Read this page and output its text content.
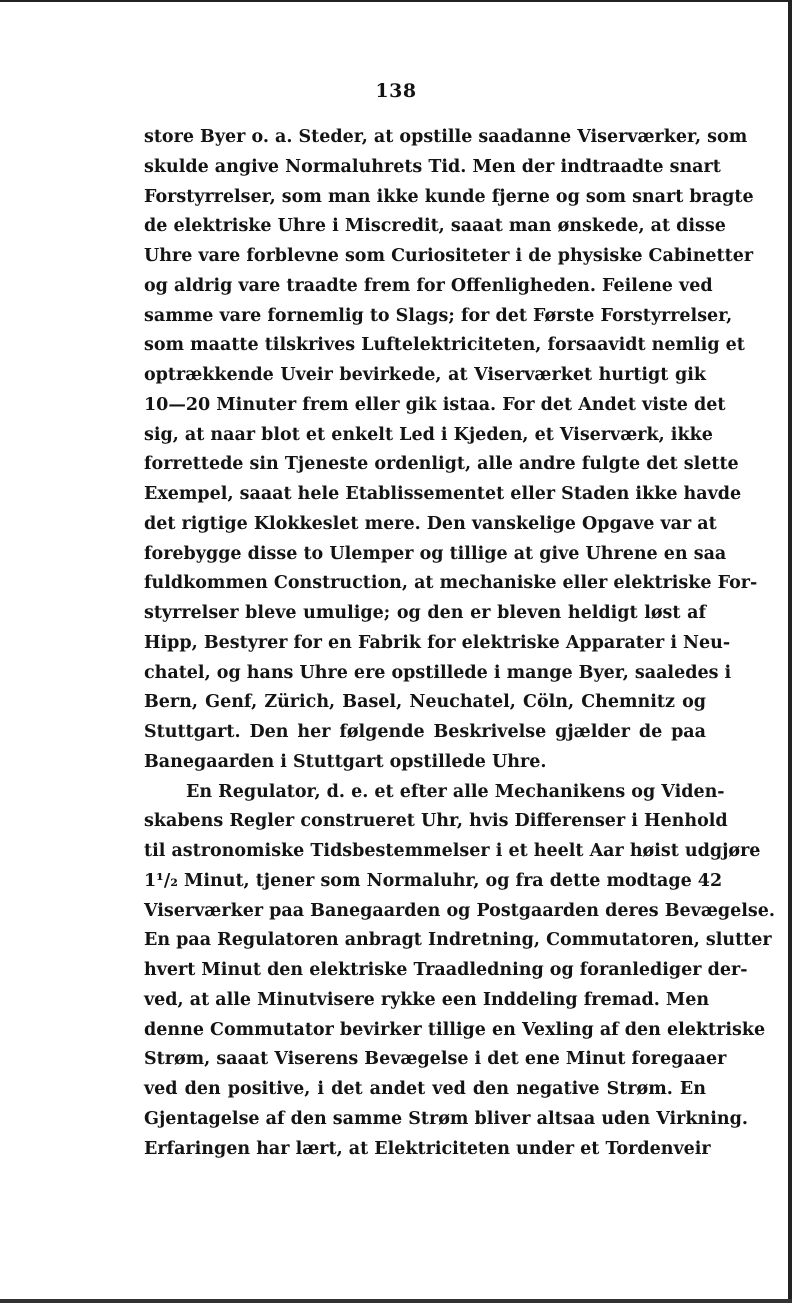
138
store Byer o. a. Steder, at opstille saadanne Viserværker, som
skulde angive Normaluhrets Tid. Men der indtraadte snart
Forstyrrelser, som man ikke kunde fjerne og som snart bragte
de elektriske Uhre i Miscredit, saaat man ønskede, at disse
Uhre vare forblevne som Curiositeter i de physiske Cabinetter
og aldrig vare traadte frem for Offenligheden. Feilene ved
samme vare fornemlig to Slags; for det Første Forstyrrelser,
som maatte tilskrives Luftelektriciteten, forsaavidt nemlig et
optrækkende Uveir bevirkede, at Viserværket hurtigt gik
10—20 Minuter frem eller gik istaa. For det Andet viste det
sig, at naar blot et enkelt Led i Kjeden, et Viserværk, ikke
forrettede sin Tjeneste ordenligt, alle andre fulgte det slette
Exempel, saaat hele Etablissementet eller Staden ikke havde
det rigtige Klokkeslet mere. Den vanskelige Opgave var at
forebygge disse to Ulemper og tillige at give Uhrene en saa
fuldkommen Construction, at mechaniske eller elektriske For-
styrrelser bleve umulige; og den er bleven heldigt løst af
Hipp, Bestyrer for en Fabrik for elektriske Apparater i Neu-
chatel, og hans Uhre ere opstillede i mange Byer, saaledes i
Bern, Genf, Zürich, Basel, Neuchatel, Cöln, Chemnitz og
Stuttgart. Den her følgende Beskrivelse gjælder de paa
Banegaarden i Stuttgart opstillede Uhre.
En Regulator, d. e. et efter alle Mechanikens og Viden-
skabens Regler construeret Uhr, hvis Differenser i Henhold
til astronomiske Tidsbestemmelser i et heelt Aar høist udgjøre
1¹/₂ Minut, tjener som Normaluhr, og fra dette modtage 42
Viserværker paa Banegaarden og Postgaarden deres Bevægelse.
En paa Regulatoren anbragt Indretning, Commutatoren, slutter
hvert Minut den elektriske Traadledning og foranlediger der-
ved, at alle Minutvisere rykke een Inddeling fremad. Men
denne Commutator bevirker tillige en Vexling af den elektriske
Strøm, saaat Viserens Bevægelse i det ene Minut foregaaer
ved den positive, i det andet ved den negative Strøm. En
Gjentagelse af den samme Strøm bliver altsaa uden Virkning.
Erfaringen har lært, at Elektriciteten under et Tordenveir
